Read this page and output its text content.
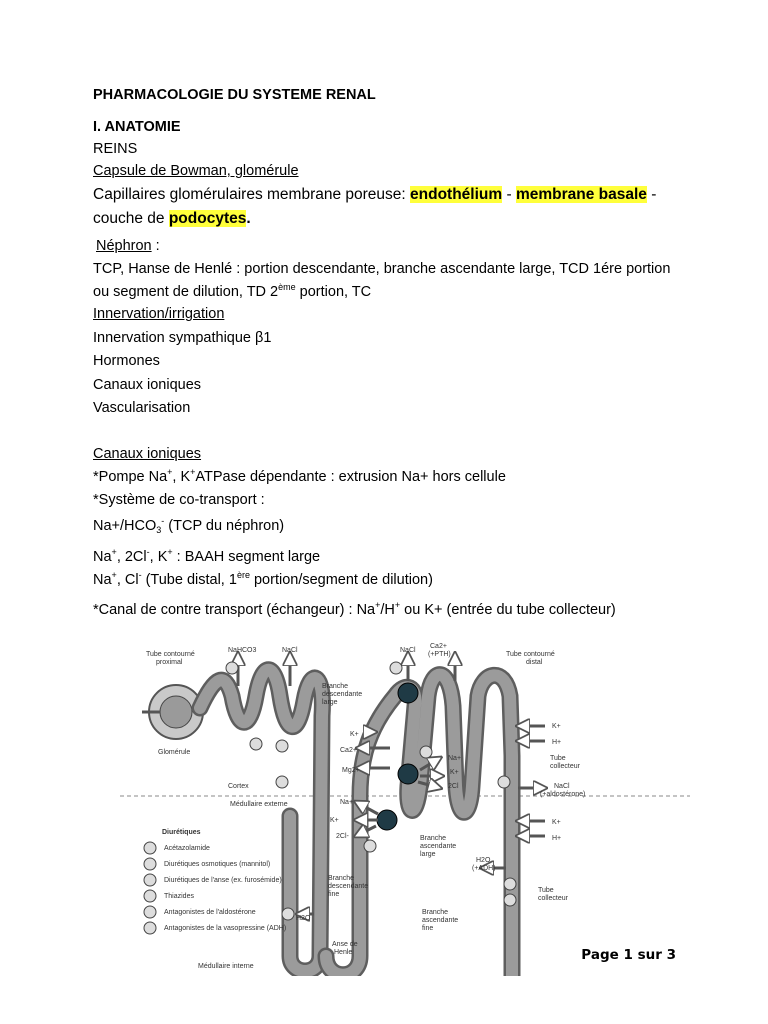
PHARMACOLOGIE DU SYSTEME RENAL
I. ANATOMIE
REINS
Capsule de Bowman, glomérule
Capillaires glomérulaires membrane poreuse: endothélium - membrane basale -
couche de podocytes.
Néphron :
TCP, Hanse de Henlé : portion descendante, branche ascendante large, TCD 1ére portion
ou segment de dilution, TD 2ème portion, TC
Innervation/irrigation
Innervation sympathique β1
Hormones
Canaux ioniques
Vascularisation
Canaux ioniques
*Pompe Na+, K+ATPase dépendante : extrusion Na+ hors cellule
*Système de co-transport :
$Na+/HCO_3^-$ (TCP du néphron)
Na+, 2Cl-, K+ : BAAH segment large
Na+, Cl- (Tube distal, 1ère portion/segment de dilution)
*Canal de contre transport (échangeur) : Na+/H+ ou K+ (entrée du tube collecteur)
Tube contourné
proximal
NaHCO3	NaCl
Glomérule
Cortex
Médullaire externe
Médullaire interne
Branche
descendante
large
Branche
descendante
fine
Branche
ascendante
large
Branche
ascendante
fine
Anse de
Henle
H2O
NaCl
Ca2+
(+PTH)	Tube contourné
distal
K+
Ca2+
Mg2+
Na+
K+
2Cl
Na+
K+
2Cl-
K+
H+
Tube
collecteur
NaCl
(+aldostérone)
K+
H+
H2O
(+ADH)
Tube
collecteur
Diurétiques
Acétazolamide
Diurétiques osmotiques (mannitol)
Diurétiques de l'anse (ex. furosémide)
Thiazides
Antagonistes de l'aldostérone
Antagonistes de la vasopressine (ADH)
Page 1 sur 3
